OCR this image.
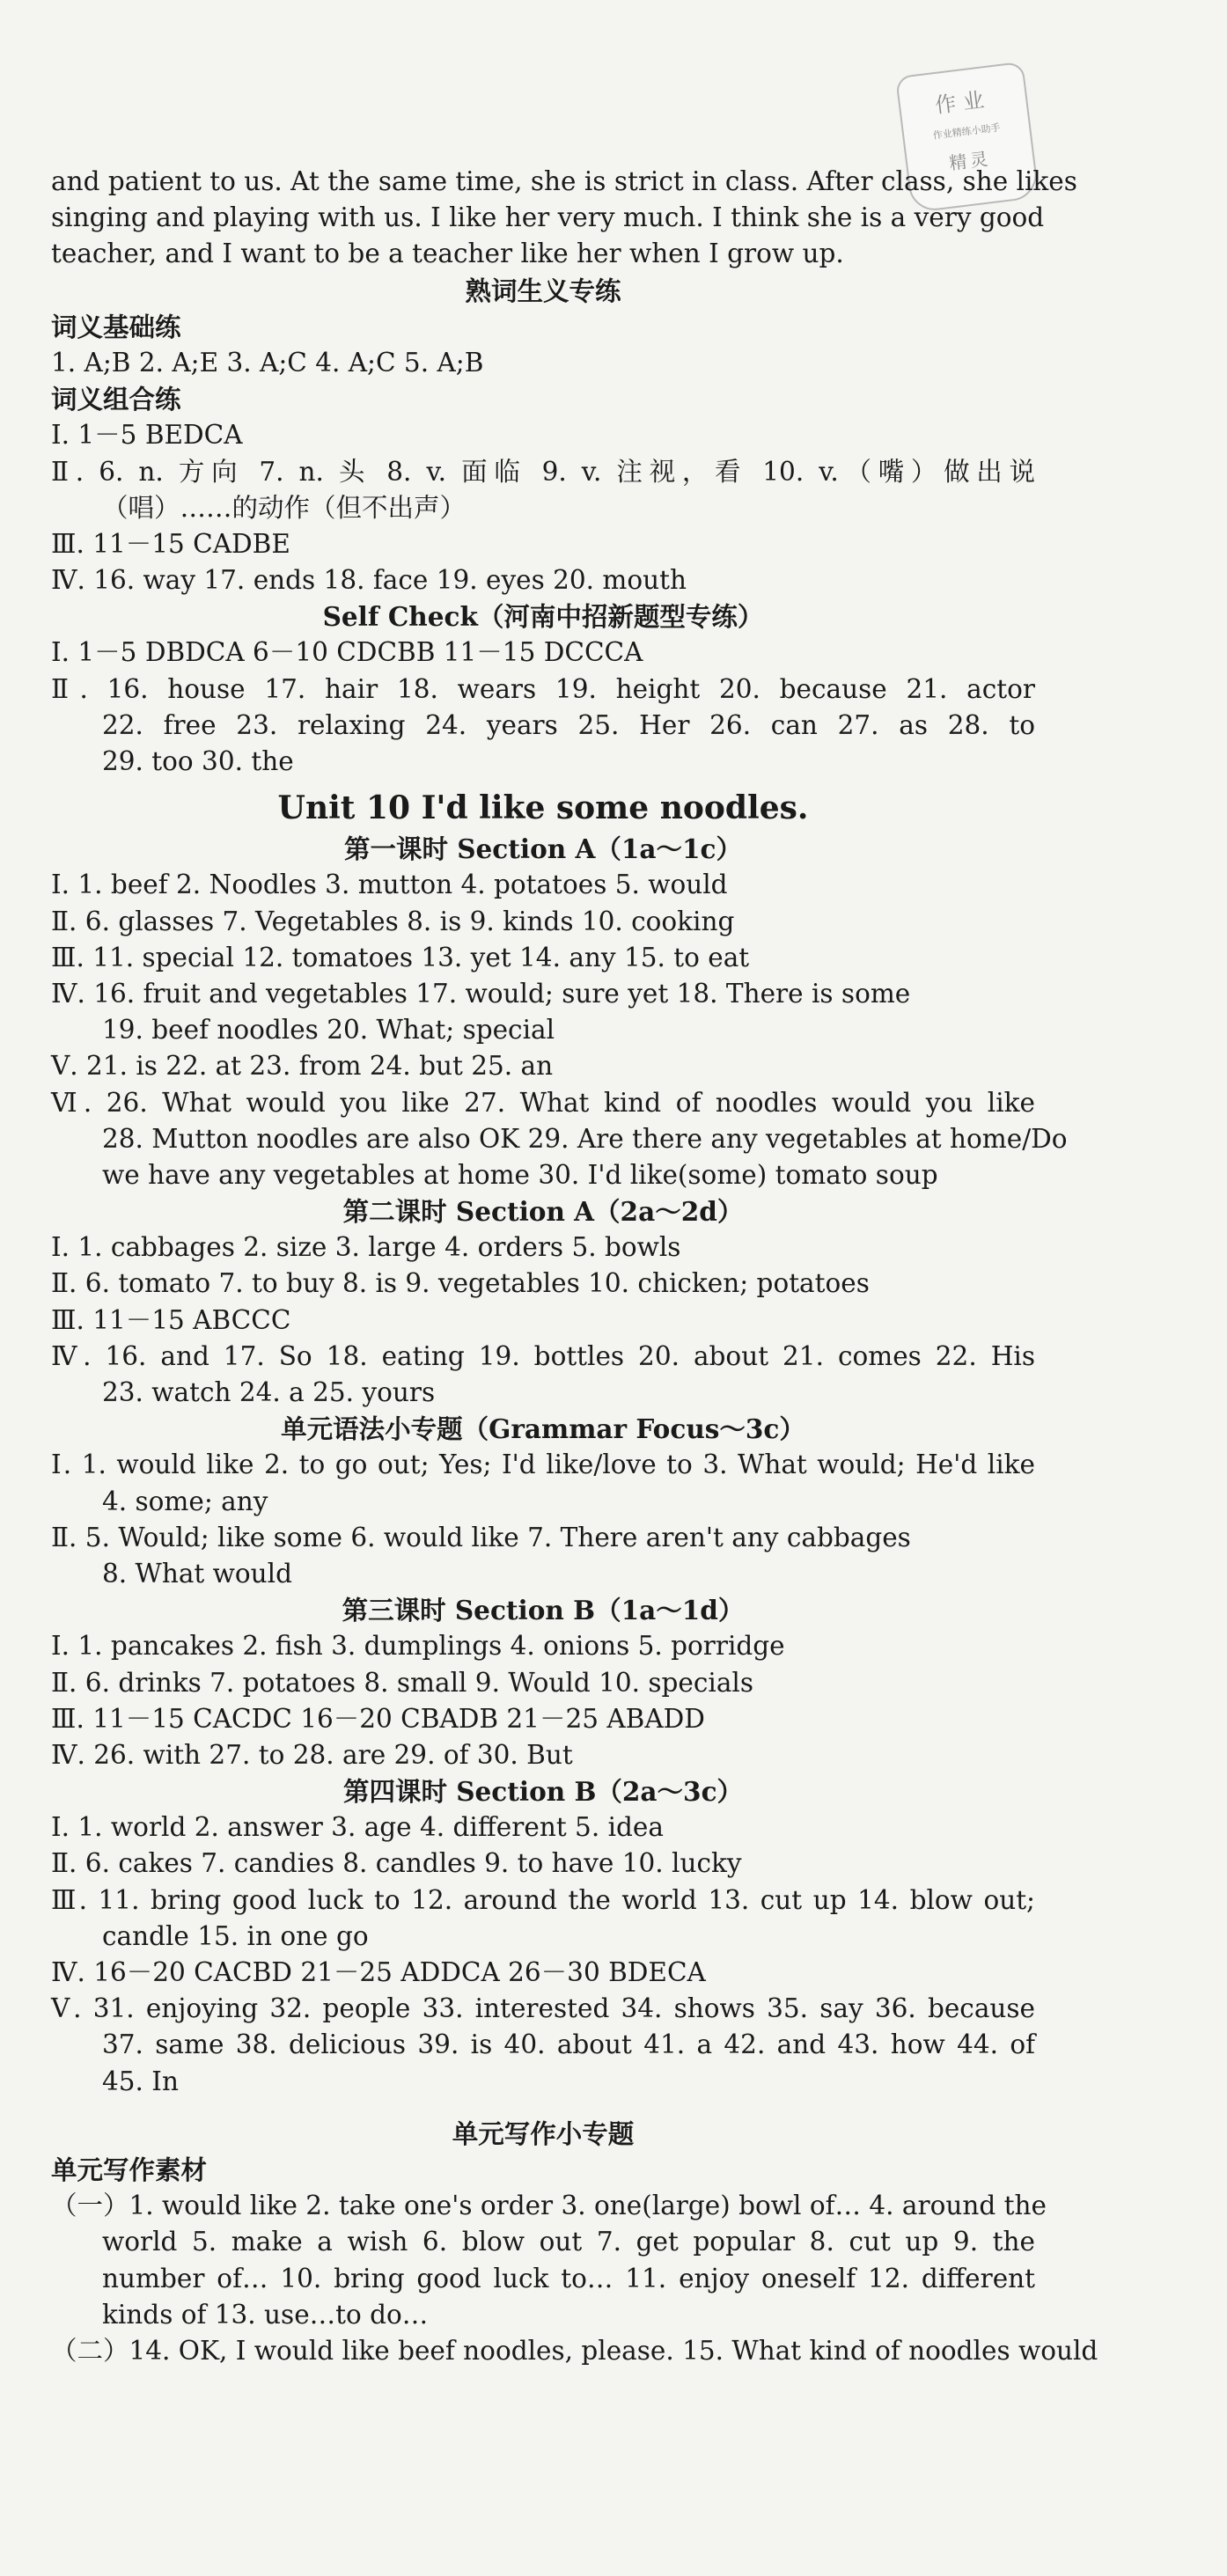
作业
作业精练小助手
精灵
and patient to us. At the same time, she is strict in class. After class, she likes
singing and playing with us. I like her very much. I think she is a very good
teacher, and I want to be a teacher like her when I grow up.
熟词生义专练
词义基础练
1. A;B 2. A;E 3. A;C 4. A;C 5. A;B
词义组合练
Ⅰ. 1－5 BEDCA
Ⅱ. 6. n. 方向 7. n. 头 8. v. 面临 9. v. 注视，看 10. v.（嘴）做出说
（唱）……的动作（但不出声）
Ⅲ. 11－15 CADBE
Ⅳ. 16. way 17. ends 18. face 19. eyes 20. mouth
Self Check（河南中招新题型专练）
Ⅰ. 1－5 DBDCA 6－10 CDCBB 11－15 DCCCA
Ⅱ. 16. house 17. hair 18. wears 19. height 20. because 21. actor
22. free 23. relaxing 24. years 25. Her 26. can 27. as 28. to
29. too 30. the
Unit 10 I'd like some noodles.
第一课时 Section A（1a～1c）
Ⅰ. 1. beef 2. Noodles 3. mutton 4. potatoes 5. would
Ⅱ. 6. glasses 7. Vegetables 8. is 9. kinds 10. cooking
Ⅲ. 11. special 12. tomatoes 13. yet 14. any 15. to eat
Ⅳ. 16. fruit and vegetables 17. would; sure yet 18. There is some
19. beef noodles 20. What; special
Ⅴ. 21. is 22. at 23. from 24. but 25. an
Ⅵ. 26. What would you like 27. What kind of noodles would you like
28. Mutton noodles are also OK 29. Are there any vegetables at home/Do
we have any vegetables at home 30. I'd like(some) tomato soup
第二课时 Section A（2a～2d）
Ⅰ. 1. cabbages 2. size 3. large 4. orders 5. bowls
Ⅱ. 6. tomato 7. to buy 8. is 9. vegetables 10. chicken; potatoes
Ⅲ. 11－15 ABCCC
Ⅳ. 16. and 17. So 18. eating 19. bottles 20. about 21. comes 22. His
23. watch 24. a 25. yours
单元语法小专题（Grammar Focus～3c）
Ⅰ. 1. would like 2. to go out; Yes; I'd like/love to 3. What would; He'd like
4. some; any
Ⅱ. 5. Would; like some 6. would like 7. There aren't any cabbages
8. What would
第三课时 Section B（1a～1d）
Ⅰ. 1. pancakes 2. fish 3. dumplings 4. onions 5. porridge
Ⅱ. 6. drinks 7. potatoes 8. small 9. Would 10. specials
Ⅲ. 11－15 CACDC 16－20 CBADB 21－25 ABADD
Ⅳ. 26. with 27. to 28. are 29. of 30. But
第四课时 Section B（2a～3c）
Ⅰ. 1. world 2. answer 3. age 4. different 5. idea
Ⅱ. 6. cakes 7. candies 8. candles 9. to have 10. lucky
Ⅲ. 11. bring good luck to 12. around the world 13. cut up 14. blow out;
candle 15. in one go
Ⅳ. 16－20 CACBD 21－25 ADDCA 26－30 BDECA
Ⅴ. 31. enjoying 32. people 33. interested 34. shows 35. say 36. because
37. same 38. delicious 39. is 40. about 41. a 42. and 43. how 44. of
45. In
单元写作小专题
单元写作素材
（一）1. would like 2. take one's order 3. one(large) bowl of… 4. around the
world 5. make a wish 6. blow out 7. get popular 8. cut up 9. the
number of… 10. bring good luck to… 11. enjoy oneself 12. different
kinds of 13. use…to do…
（二）14. OK, I would like beef noodles, please. 15. What kind of noodles would
